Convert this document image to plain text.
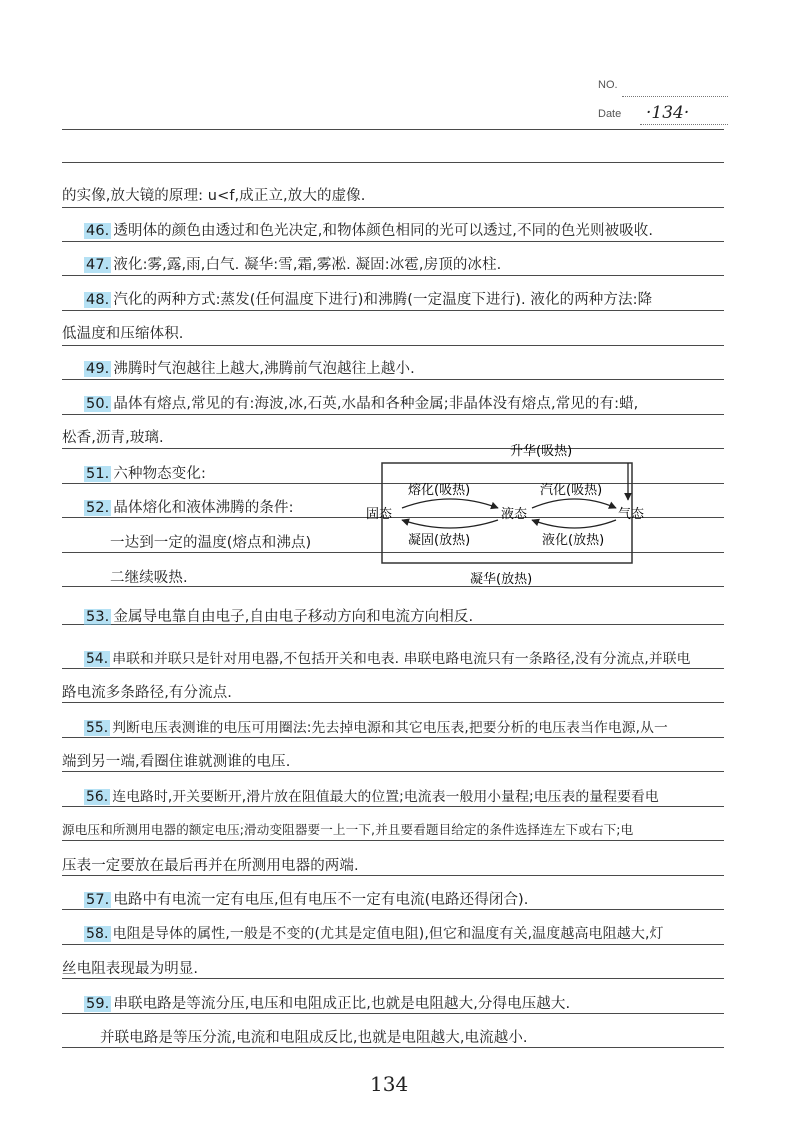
NO.
Date ·134·
的实像,放大镜的原理: u<f,成正立,放大的虚像.
46. 透明体的颜色由透过和色光决定,和物体颜色相同的光可以透过,不同的色光则被吸收.
47. 液化:雾,露,雨,白气. 凝华:雪,霜,雾凇. 凝固:冰雹,房顶的冰柱.
48. 汽化的两种方式:蒸发(任何温度下进行)和沸腾(一定温度下进行). 液化的两种方法:降
低温度和压缩体积.
49. 沸腾时气泡越往上越大,沸腾前气泡越往上越小.
50. 晶体有熔点,常见的有:海波,冰,石英,水晶和各种金属;非晶体没有熔点,常见的有:蜡,
松香,沥青,玻璃.
51. 六种物态变化:
52. 晶体熔化和液体沸腾的条件:
一达到一定的温度(熔点和沸点)
二继续吸热.
53. 金属导电靠自由电子,自由电子移动方向和电流方向相反.
54. 串联和并联只是针对用电器,不包括开关和电表. 串联电路电流只有一条路径,没有分流点,并联电
路电流多条路径,有分流点.
55. 判断电压表测谁的电压可用圈法:先去掉电源和其它电压表,把要分析的电压表当作电源,从一
端到另一端,看圈住谁就测谁的电压.
56. 连电路时,开关要断开,滑片放在阻值最大的位置;电流表一般用小量程;电压表的量程要看电
源电压和所测用电器的额定电压;滑动变阻器要一上一下,并且要看题目给定的条件选择连左下或右下;电
压表一定要放在最后再并在所测用电器的两端.
57. 电路中有电流一定有电压,但有电压不一定有电流(电路还得闭合).
58. 电阻是导体的属性,一般是不变的(尤其是定值电阻),但它和温度有关,温度越高电阻越大,灯
丝电阻表现最为明显.
59. 串联电路是等流分压,电压和电阻成正比,也就是电阻越大,分得电压越大.
并联电路是等压分流,电流和电阻成反比,也就是电阻越大,电流越小.
升华(吸热)
固态	液态	气态
熔化(吸热)
凝固(放热)
汽化(吸热)
液化(放热)
凝华(放热)
134
